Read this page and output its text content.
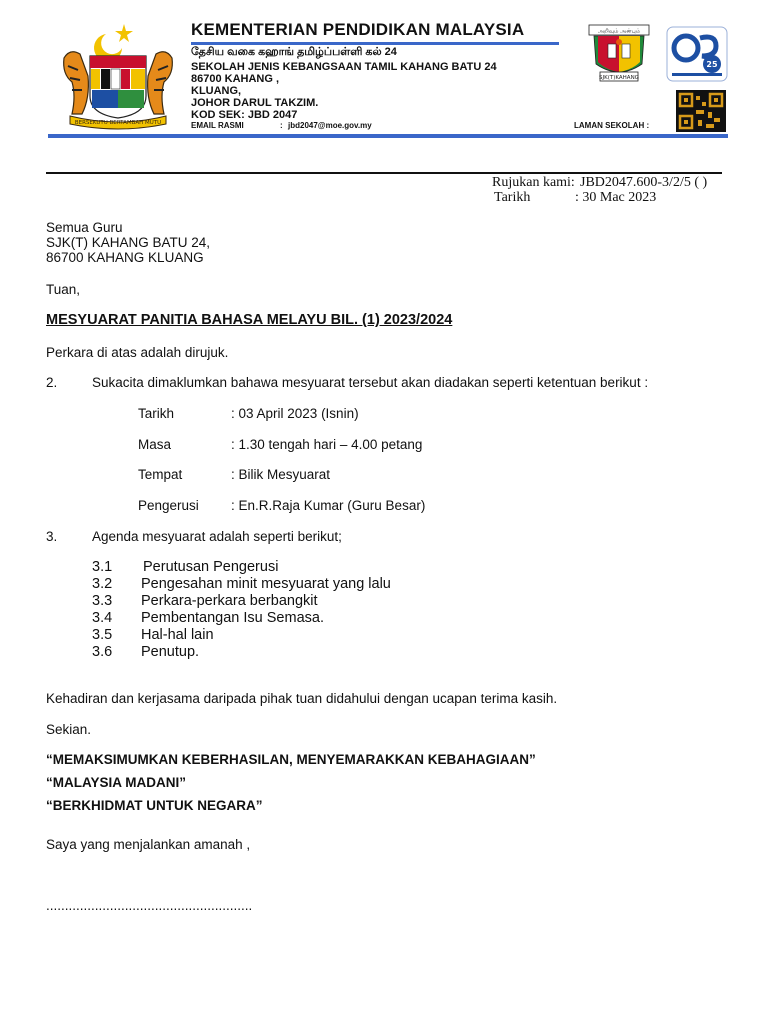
BERSEKUTU BERTAMBAH MUTU
KEMENTERIAN PENDIDIKAN MALAYSIA
தேசிய வகை கஹாங் தமிழ்ப்பள்ளி கல் 24
SEKOLAH JENIS KEBANGSAAN TAMIL KAHANG BATU 24
86700 KAHANG ,
KLUANG,
JOHOR DARUL TAKZIM.
KOD SEK: JBD 2047
EMAIL RASMI	: jbd2047@moe.gov.my	LAMAN SEKOLAH :
அறிவும் அன்பும்
SJK(T)KAHANG
25
Rujukan kami: JBD2047.600-3/2/5 ( )
Tarikh	: 30 Mac 2023
Semua Guru
SJK(T) KAHANG BATU 24,
86700 KAHANG KLUANG
Tuan,
MESYUARAT PANITIA BAHASA MELAYU BIL. (1) 2023/2024
Perkara di atas adalah dirujuk.
2.	Sukacita dimaklumkan bahawa mesyuarat tersebut akan diadakan seperti ketentuan berikut :
Tarikh	: 03 April 2023 (Isnin)
Masa	: 1.30 tengah hari – 4.00 petang
Tempat	: Bilik Mesyuarat
Pengerusi : En.R.Raja Kumar (Guru Besar)
3.	Agenda mesyuarat adalah seperti berikut;
3.1 Perutusan Pengerusi
3.2 Pengesahan minit mesyuarat yang lalu
3.3 Perkara-perkara berbangkit
3.4 Pembentangan Isu Semasa.
3.5 Hal-hal lain
3.6 Penutup.
Kehadiran dan kerjasama daripada pihak tuan didahului dengan ucapan terima kasih.
Sekian.
“MEMAKSIMUMKAN KEBERHASILAN, MENYEMARAKKAN KEBAHAGIAAN”
“MALAYSIA MADANI”
“BERKHIDMAT UNTUK NEGARA”
Saya yang menjalankan amanah ,
.......................................................
